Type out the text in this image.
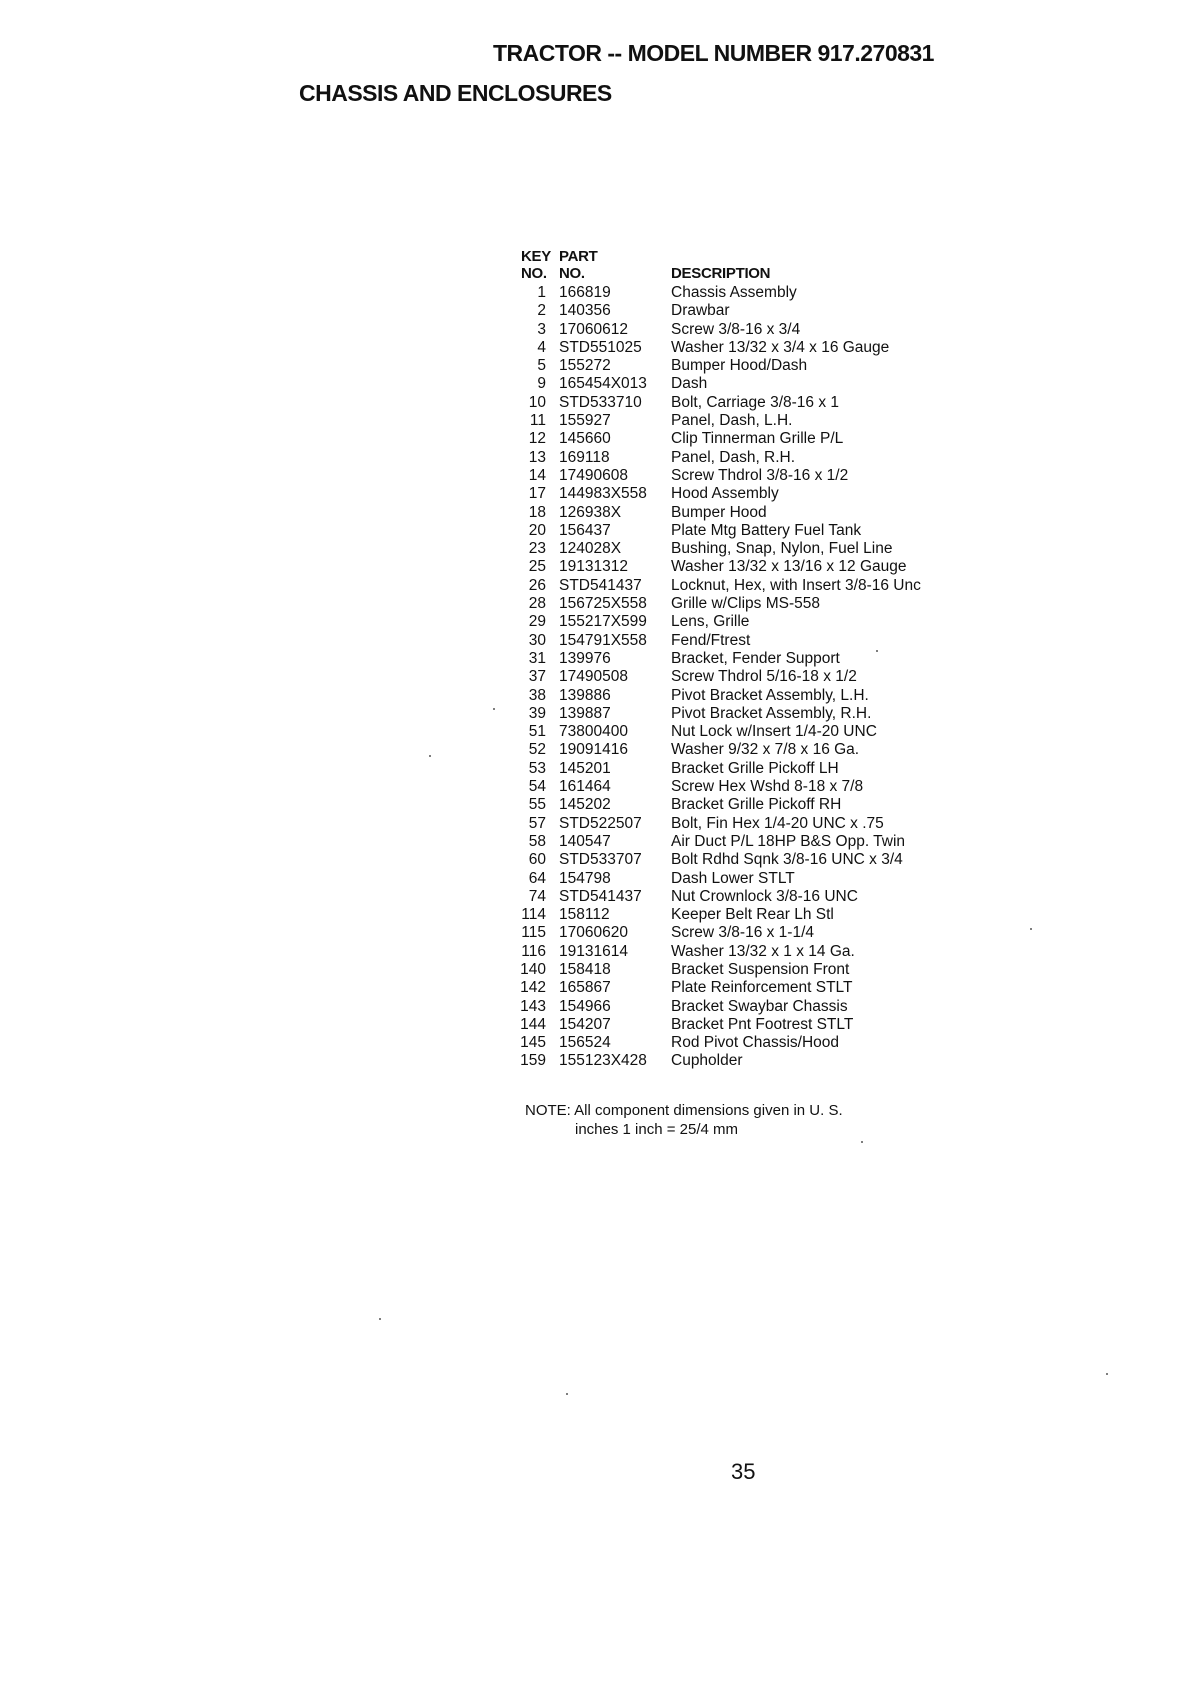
TRACTOR -- MODEL NUMBER 917.270831
CHASSIS AND ENCLOSURES
KEY PART
NO. NO.	DESCRIPTION
1 166819	Chassis Assembly
2 140356	Drawbar
3 17060612	Screw 3/8-16 x 3/4
4 STD551025 Washer 13/32 x 3/4 x 16 Gauge
5 155272	Bumper Hood/Dash
9 165454X013 Dash
10 STD533710 Bolt, Carriage 3/8-16 x 1
11 155927	Panel, Dash, L.H.
12 145660	Clip Tinnerman Grille P/L
13 169118	Panel, Dash, R.H.
14 17490608	Screw Thdrol 3/8-16 x 1/2
17 144983X558 Hood Assembly
18 126938X	Bumper Hood
20 156437	Plate Mtg Battery Fuel Tank
23 124028X	Bushing, Snap, Nylon, Fuel Line
25 19131312	Washer 13/32 x 13/16 x 12 Gauge
26 STD541437 Locknut, Hex, with Insert 3/8-16 Unc
28 156725X558 Grille w/Clips MS-558
29 155217X599 Lens, Grille
30 154791X558 Fend/Ftrest
31 139976	Bracket, Fender Support
37 17490508	Screw Thdrol 5/16-18 x 1/2
38 139886	Pivot Bracket Assembly, L.H.
39 139887	Pivot Bracket Assembly, R.H.
51 73800400	Nut Lock w/Insert 1/4-20 UNC
52 19091416	Washer 9/32 x 7/8 x 16 Ga.
53 145201	Bracket Grille Pickoff LH
54 161464	Screw Hex Wshd 8-18 x 7/8
55 145202	Bracket Grille Pickoff RH
57 STD522507 Bolt, Fin Hex 1/4-20 UNC x .75
58 140547	Air Duct P/L 18HP B&S Opp. Twin
60 STD533707 Bolt Rdhd Sqnk 3/8-16 UNC x 3/4
64 154798	Dash Lower STLT
74 STD541437 Nut Crownlock 3/8-16 UNC
114 158112	Keeper Belt Rear Lh Stl
115 17060620	Screw 3/8-16 x 1-1/4
116 19131614	Washer 13/32 x 1 x 14 Ga.
140 158418	Bracket Suspension Front
142 165867	Plate Reinforcement STLT
143 154966	Bracket Swaybar Chassis
144 154207	Bracket Pnt Footrest STLT
145 156524	Rod Pivot Chassis/Hood
159 155123X428 Cupholder
NOTE: All component dimensions given in U. S.
inches 1 inch = 25/4 mm
35
